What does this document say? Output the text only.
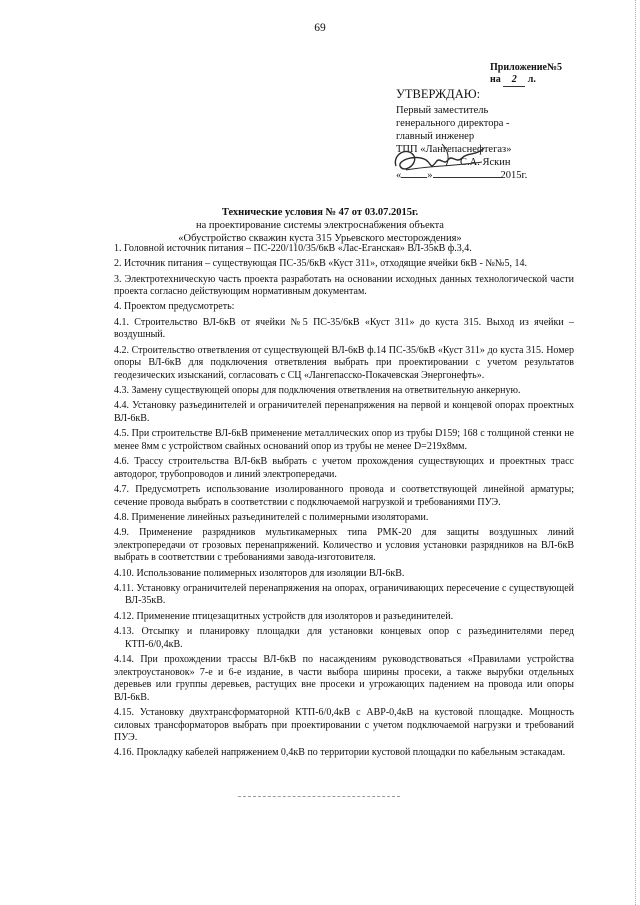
69
Приложение№5
на 2 л.
УТВЕРЖДАЮ:
Первый заместитель
генерального директора -
главный инженер
ТПП «Лангепаснефтегаз»
С.А. Яскин
« »	2015г.
Технические условия № 47 от 03.07.2015г.
на проектирование системы электроснабжения объекта
«Обустройство скважин куста 315 Урьевского месторождения»

1. Головной источник питания – ПС-220/110/35/6кВ «Лас-Еганская» ВЛ-35кВ ф.3,4.

2. Источник питания – существующая ПС-35/6кВ «Куст 311», отходящие ячейки 6кВ - №№5, 14.

3. Электротехническую часть проекта разработать на основании исходных данных технологической части проекта согласно действующим нормативным документам.

4. Проектом предусмотреть:

4.1. Строительство ВЛ-6кВ от ячейки №5 ПС-35/6кВ «Куст 311» до куста 315. Выход из ячейки – воздушный.

4.2. Строительство ответвления от существующей ВЛ-6кВ ф.14 ПС-35/6кВ «Куст 311» до куста 315. Номер опоры ВЛ-6кВ для подключения ответвления выбрать при проектировании с учетом результатов геодезических изысканий, согласовать с СЦ «Лангепасско-Покачевская Энергонефть».

4.3. Замену существующей опоры для подключения ответвления на ответвительную анкерную.

4.4. Установку разъединителей и ограничителей перенапряжения на первой и концевой опорах проектных ВЛ-6кВ.

4.5. При строительстве ВЛ-6кВ применение металлических опор из трубы D159; 168 с толщиной стенки не менее 8мм с устройством свайных оснований опор из трубы не менее D=219х8мм.

4.6. Трассу строительства ВЛ-6кВ выбрать с учетом прохождения существующих и проектных трасс автодорог, трубопроводов и линий электропередачи.

4.7. Предусмотреть использование изолированного провода и соответствующей линейной арматуры; сечение провода выбрать в соответствии с подключаемой нагрузкой и требованиями ПУЭ.

4.8. Применение линейных разъединителей с полимерными изоляторами.

4.9. Применение разрядников мультикамерных типа РМК-20 для защиты воздушных линий электропередачи от грозовых перенапряжений. Количество и условия установки разрядников на ВЛ-6кВ выбрать в соответствии с требованиями завода-изготовителя.

4.10. Использование полимерных изоляторов для изоляции ВЛ-6кВ.

4.11. Установку ограничителей перенапряжения на опорах, ограничивающих пересечение с существующей ВЛ-35кВ.

4.12. Применение птицезащитных устройств для изоляторов и разъединителей.

4.13. Отсыпку и планировку площадки для установки концевых опор с разъединителями перед КТП-6/0,4кВ.

4.14. При прохождении трассы ВЛ-6кВ по насаждениям руководствоваться «Правилами устройства электроустановок» 7-е и 6-е издание, в части выбора ширины просеки, а также вырубки отдельных деревьев или группы деревьев, растущих вне просеки и угрожающих падением на провода или опоры ВЛ-6кВ.

4.15. Установку двухтрансформаторной КТП-6/0,4кВ с АВР-0,4кВ на кустовой площадке. Мощность силовых трансформаторов выбрать при проектировании с учетом подключаемой нагрузки и требований ПУЭ.

4.16. Прокладку кабелей напряжением 0,4кВ по территории кустовой площадки по кабельным эстакадам.
